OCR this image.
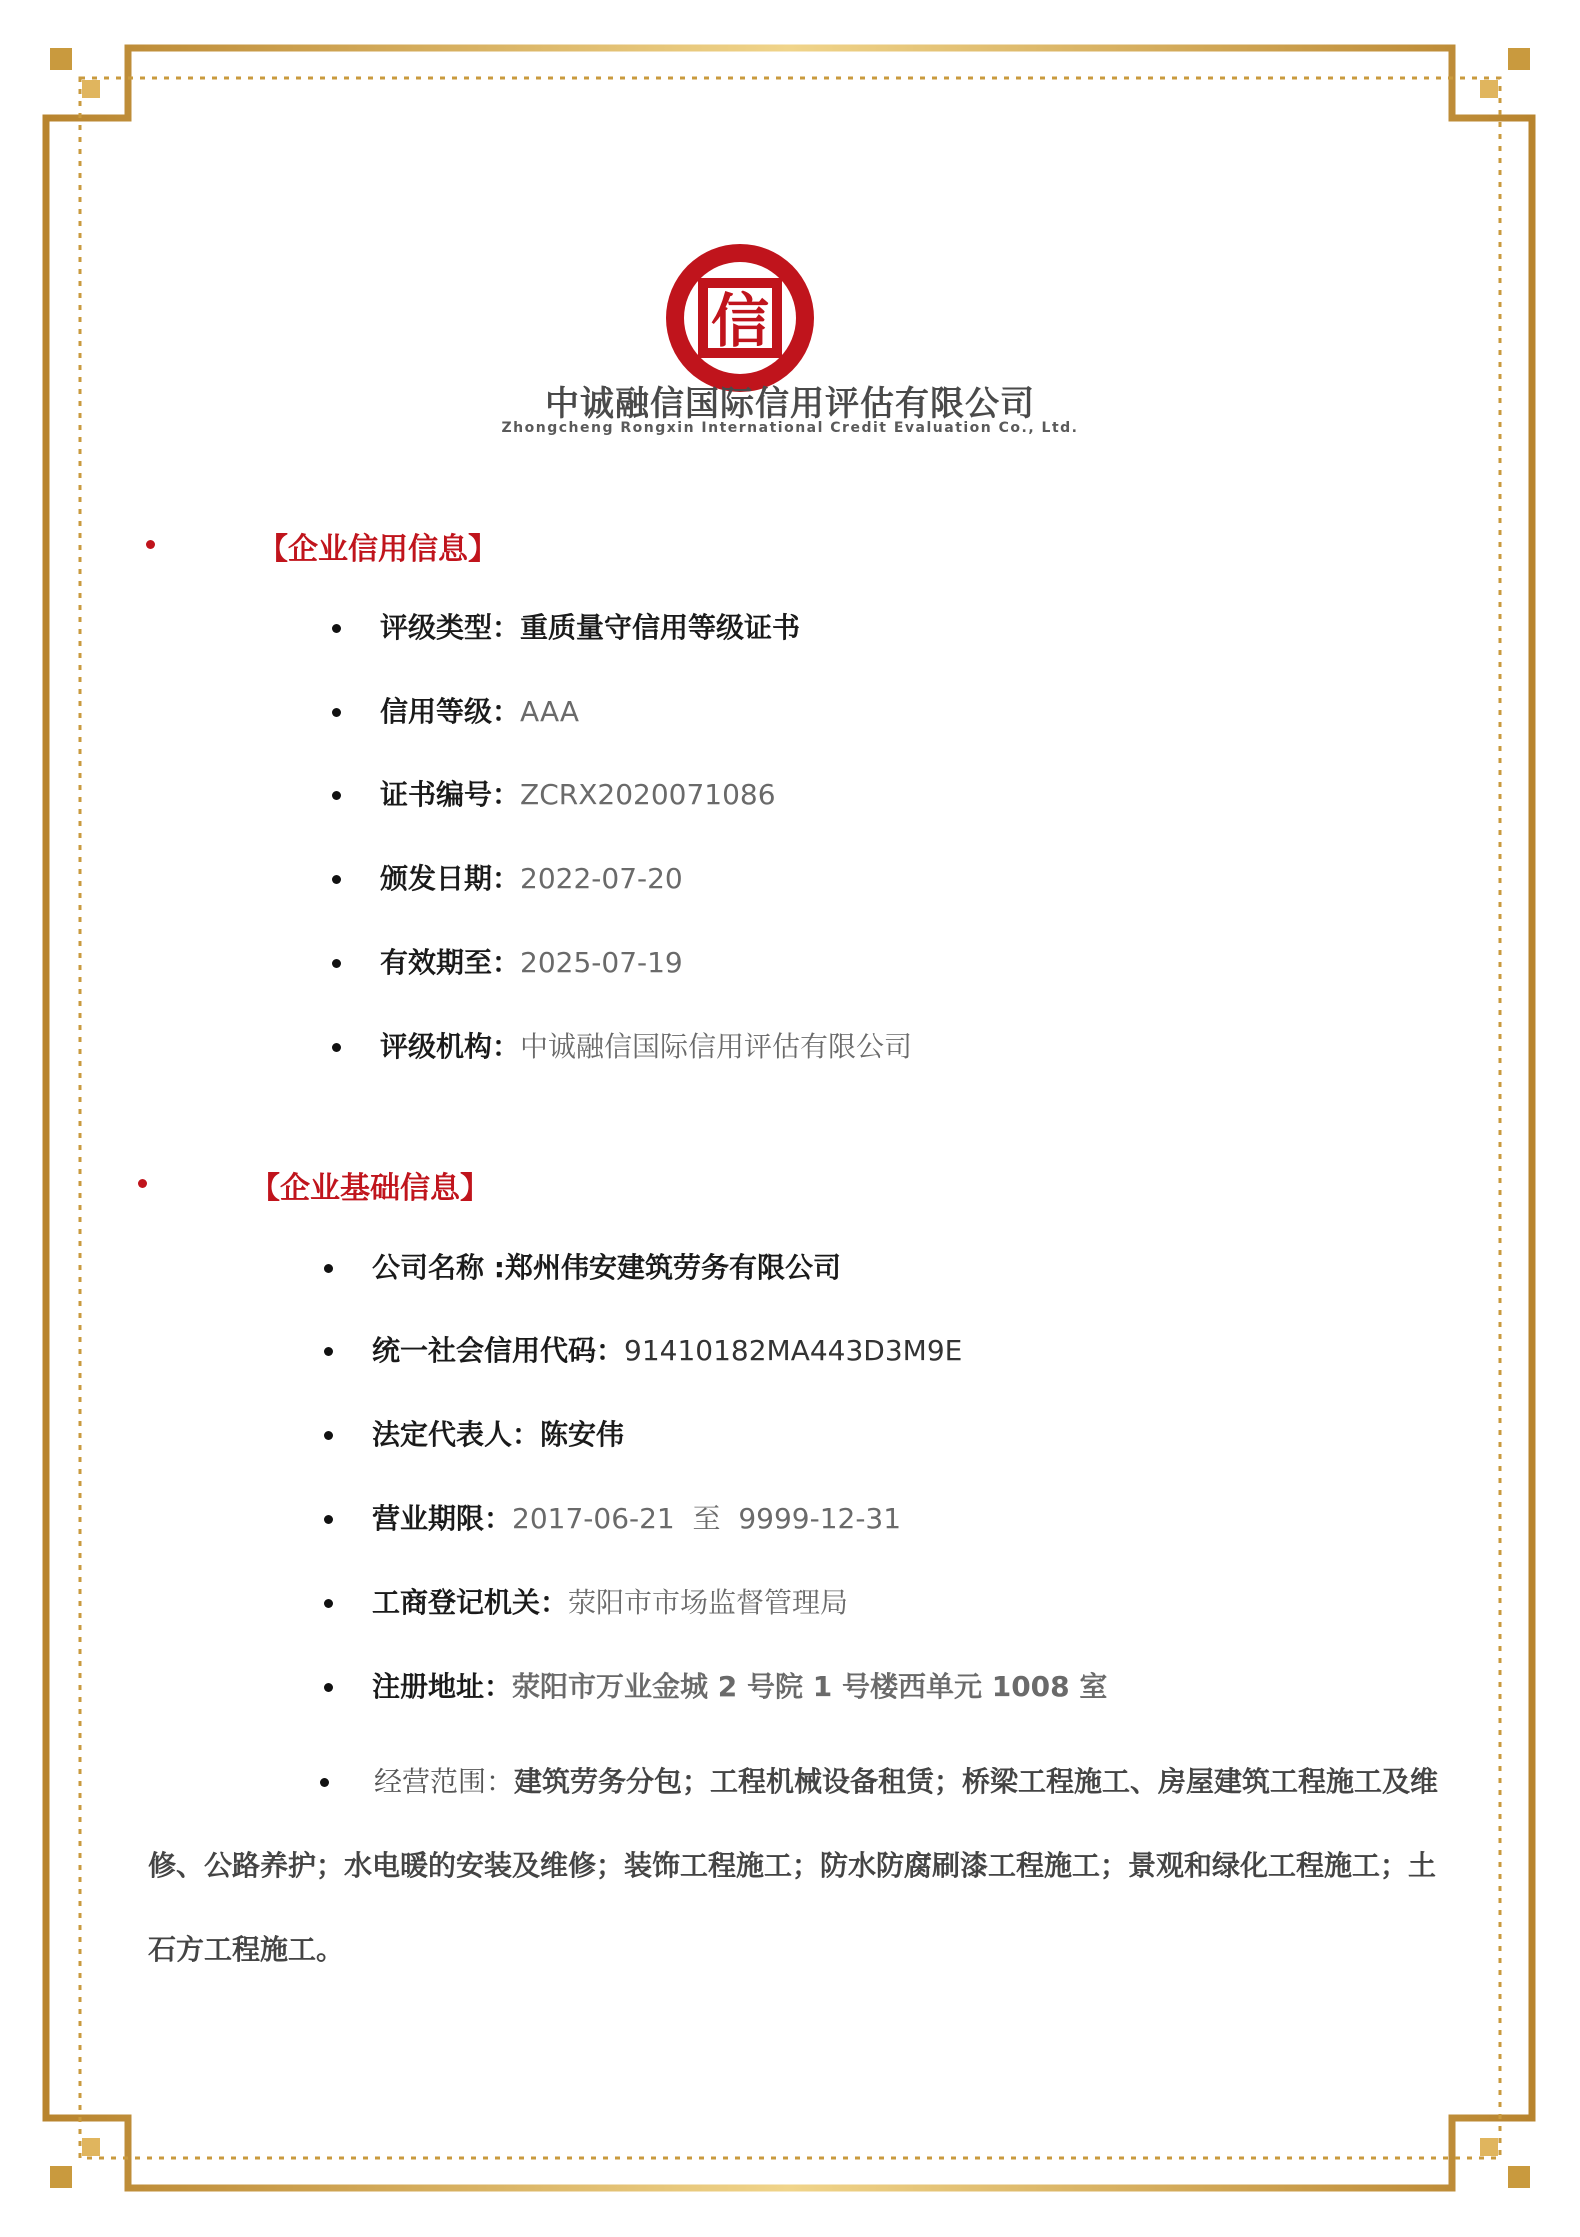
信
中诚融信国际信用评估有限公司
Zhongcheng Rongxin International Credit Evaluation Co., Ltd.
【企业信用信息】
评级类型：重质量守信用等级证书
信用等级：AAA
证书编号：ZCRX2020071086
颁发日期：2022-07-20
有效期至：2025-07-19
评级机构：中诚融信国际信用评估有限公司
【企业基础信息】
公司名称 :郑州伟安建筑劳务有限公司
统一社会信用代码：91410182MA443D3M9E
法定代表人：陈安伟
营业期限：2017-06-21  至  9999-12-31
工商登记机关：荥阳市市场监督管理局
注册地址：荥阳市万业金城 2 号院 1 号楼西单元 1008 室
经营范围：建筑劳务分包；工程机械设备租赁；桥梁工程施工、房屋建筑工程施工及维
修、公路养护；水电暖的安装及维修；装饰工程施工；防水防腐刷漆工程施工；景观和绿化工程施工；土
石方工程施工。
